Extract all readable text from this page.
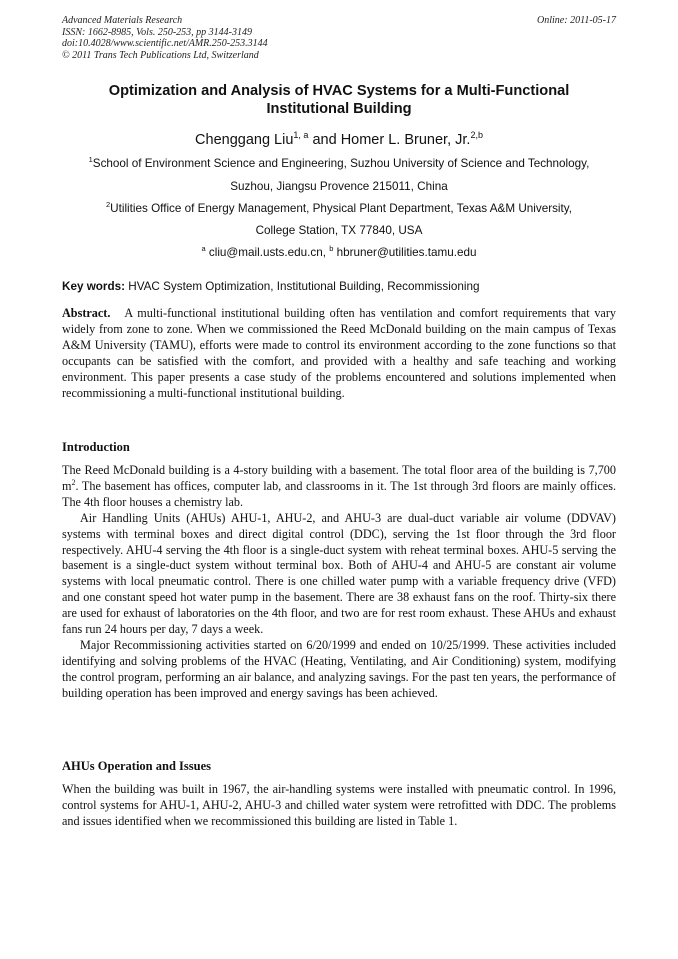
Advanced Materials Research	Online: 2011-05-17
ISSN: 1662-8985, Vols. 250-253, pp 3144-3149
doi:10.4028/www.scientific.net/AMR.250-253.3144
© 2011 Trans Tech Publications Ltd, Switzerland
Optimization and Analysis of HVAC Systems for a Multi-Functional
Institutional Building
Chenggang Liu$^{1, a}$ and Homer L. Bruner, Jr.$^{2,b}$
$^1$School of Environment Science and Engineering, Suzhou University of Science and Technology,
Suzhou, Jiangsu Provence 215011, China
$^2$Utilities Office of Energy Management, Physical Plant Department, Texas A&M University,
College Station, TX 77840, USA
$^a$ cliu@mail.usts.edu.cn, $^b$ hbruner@utilities.tamu.edu
Key words: HVAC System Optimization, Institutional Building, Recommissioning

Abstract. A multi-functional institutional building often has ventilation and comfort requirements that vary widely from zone to zone. When we commissioned the Reed McDonald building on the main campus of Texas A&M University (TAMU), efforts were made to control its environment according to the zone functions so that occupants can be satisfied with the comfort, and provided with a healthy and safe teaching and working environment. This paper presents a case study of the problems encountered and solutions implemented when recommissioning a multi-functional institutional building.

Introduction

The Reed McDonald building is a 4-story building with a basement. The total floor area of the building is 7,700 $m^2$. The basement has offices, computer lab, and classrooms in it. The 1st through 3rd floors are mainly offices. The 4th floor houses a chemistry lab.

Air Handling Units (AHUs) AHU-1, AHU-2, and AHU-3 are dual-duct variable air volume (DDVAV) systems with terminal boxes and direct digital control (DDC), serving the 1st floor through the 3rd floor respectively. AHU-4 serving the 4th floor is a single-duct system with reheat terminal boxes. AHU-5 serving the basement is a single-duct system without terminal box. Both of AHU-4 and AHU-5 are constant air volume systems with local pneumatic control. There is one chilled water pump with a variable frequency drive (VFD) and one constant speed hot water pump in the basement. There are 38 exhaust fans on the roof. Thirty-six there are used for exhaust of laboratories on the 4th floor, and two are for rest room exhaust. These AHUs and exhaust fans run 24 hours per day, 7 days a week.

Major Recommissioning activities started on 6/20/1999 and ended on 10/25/1999. These activities included identifying and solving problems of the HVAC (Heating, Ventilating, and Air Conditioning) system, modifying the control program, performing an air balance, and analyzing savings. For the past ten years, the performance of building operation has been improved and energy savings has been achieved.

AHUs Operation and Issues

When the building was built in 1967, the air-handling systems were installed with pneumatic control. In 1996, control systems for AHU-1, AHU-2, AHU-3 and chilled water system were retrofitted with DDC. The problems and issues identified when we recommissioned this building are listed in Table 1.
